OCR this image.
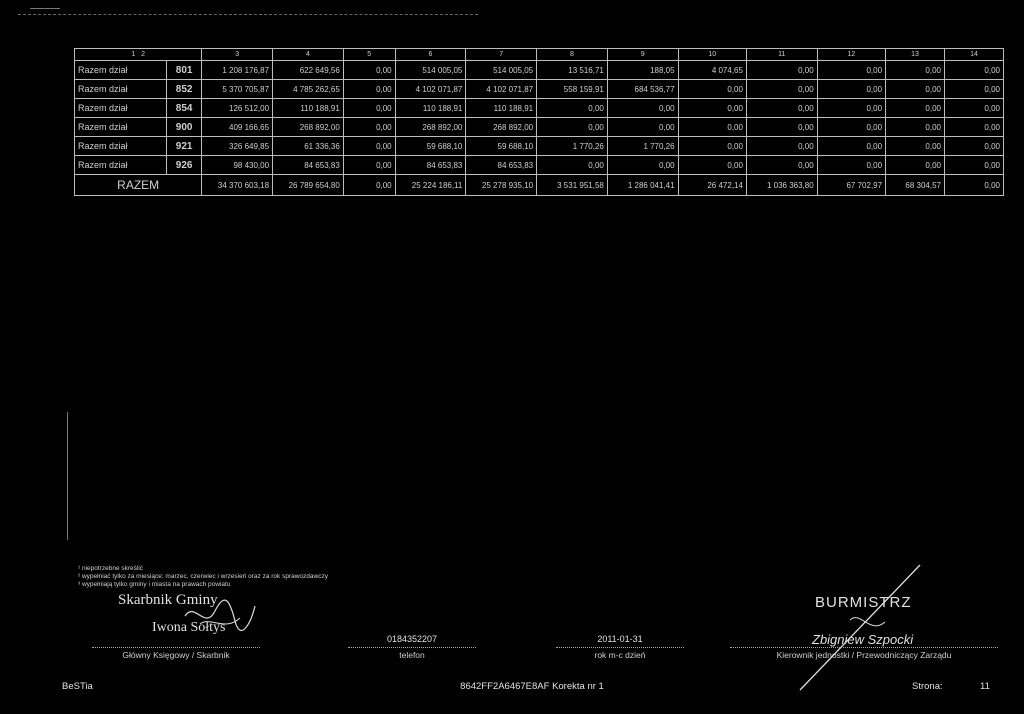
1 2		3	4	5	6	7	8	9	10	11	12	13	14
Razem dział	801	1 208 176,87	622 649,56	0,00	514 005,05	514 005,05	13 516,71	188,05	4 074,65	0,00	0,00	0,00	0,00
Razem dział	852	5 370 705,87	4 785 262,65	0,00	4 102 071,87	4 102 071,87	558 159,91	684 536,77	0,00	0,00	0,00	0,00	0,00
Razem dział	854	126 512,00	110 188,91	0,00	110 188,91	110 188,91	0,00	0,00	0,00	0,00	0,00	0,00	0,00
Razem dział	900	409 166,65	268 892,00	0,00	268 892,00	268 892,00	0,00	0,00	0,00	0,00	0,00	0,00	0,00
Razem dział	921	326 649,85	61 336,36	0,00	59 688,10	59 688,10	1 770,26	1 770,26	0,00	0,00	0,00	0,00	0,00
Razem dział	926	98 430,00	84 653,83	0,00	84 653,83	84 653,83	0,00	0,00	0,00	0,00	0,00	0,00	0,00
RAZEM		34 370 603,18	26 789 654,80	0,00	25 224 186,11	25 278 935,10	3 531 951,58	1 286 041,41	26 472,14	1 036 363,80	67 702,97	68 304,57	0,00
¹ niepotrzebne skreślić
² wypełniać tylko za miesiące: marzec, czerwiec i wrzesień oraz za rok sprawozdawczy
³ wypełniają tylko gminy i miasta na prawach powiatu
Skarbnik Gminy
Iwona Sołtys
BURMISTRZ
Zbigniew Szpocki
Główny Księgowy / Skarbnik
0184352207
telefon
2011-01-31
rok m-c dzień	Kierownik jednostki / Przewodniczący Zarządu
BeSTia	8642FF2A6467E8AF Korekta nr 1	Strona:	11
